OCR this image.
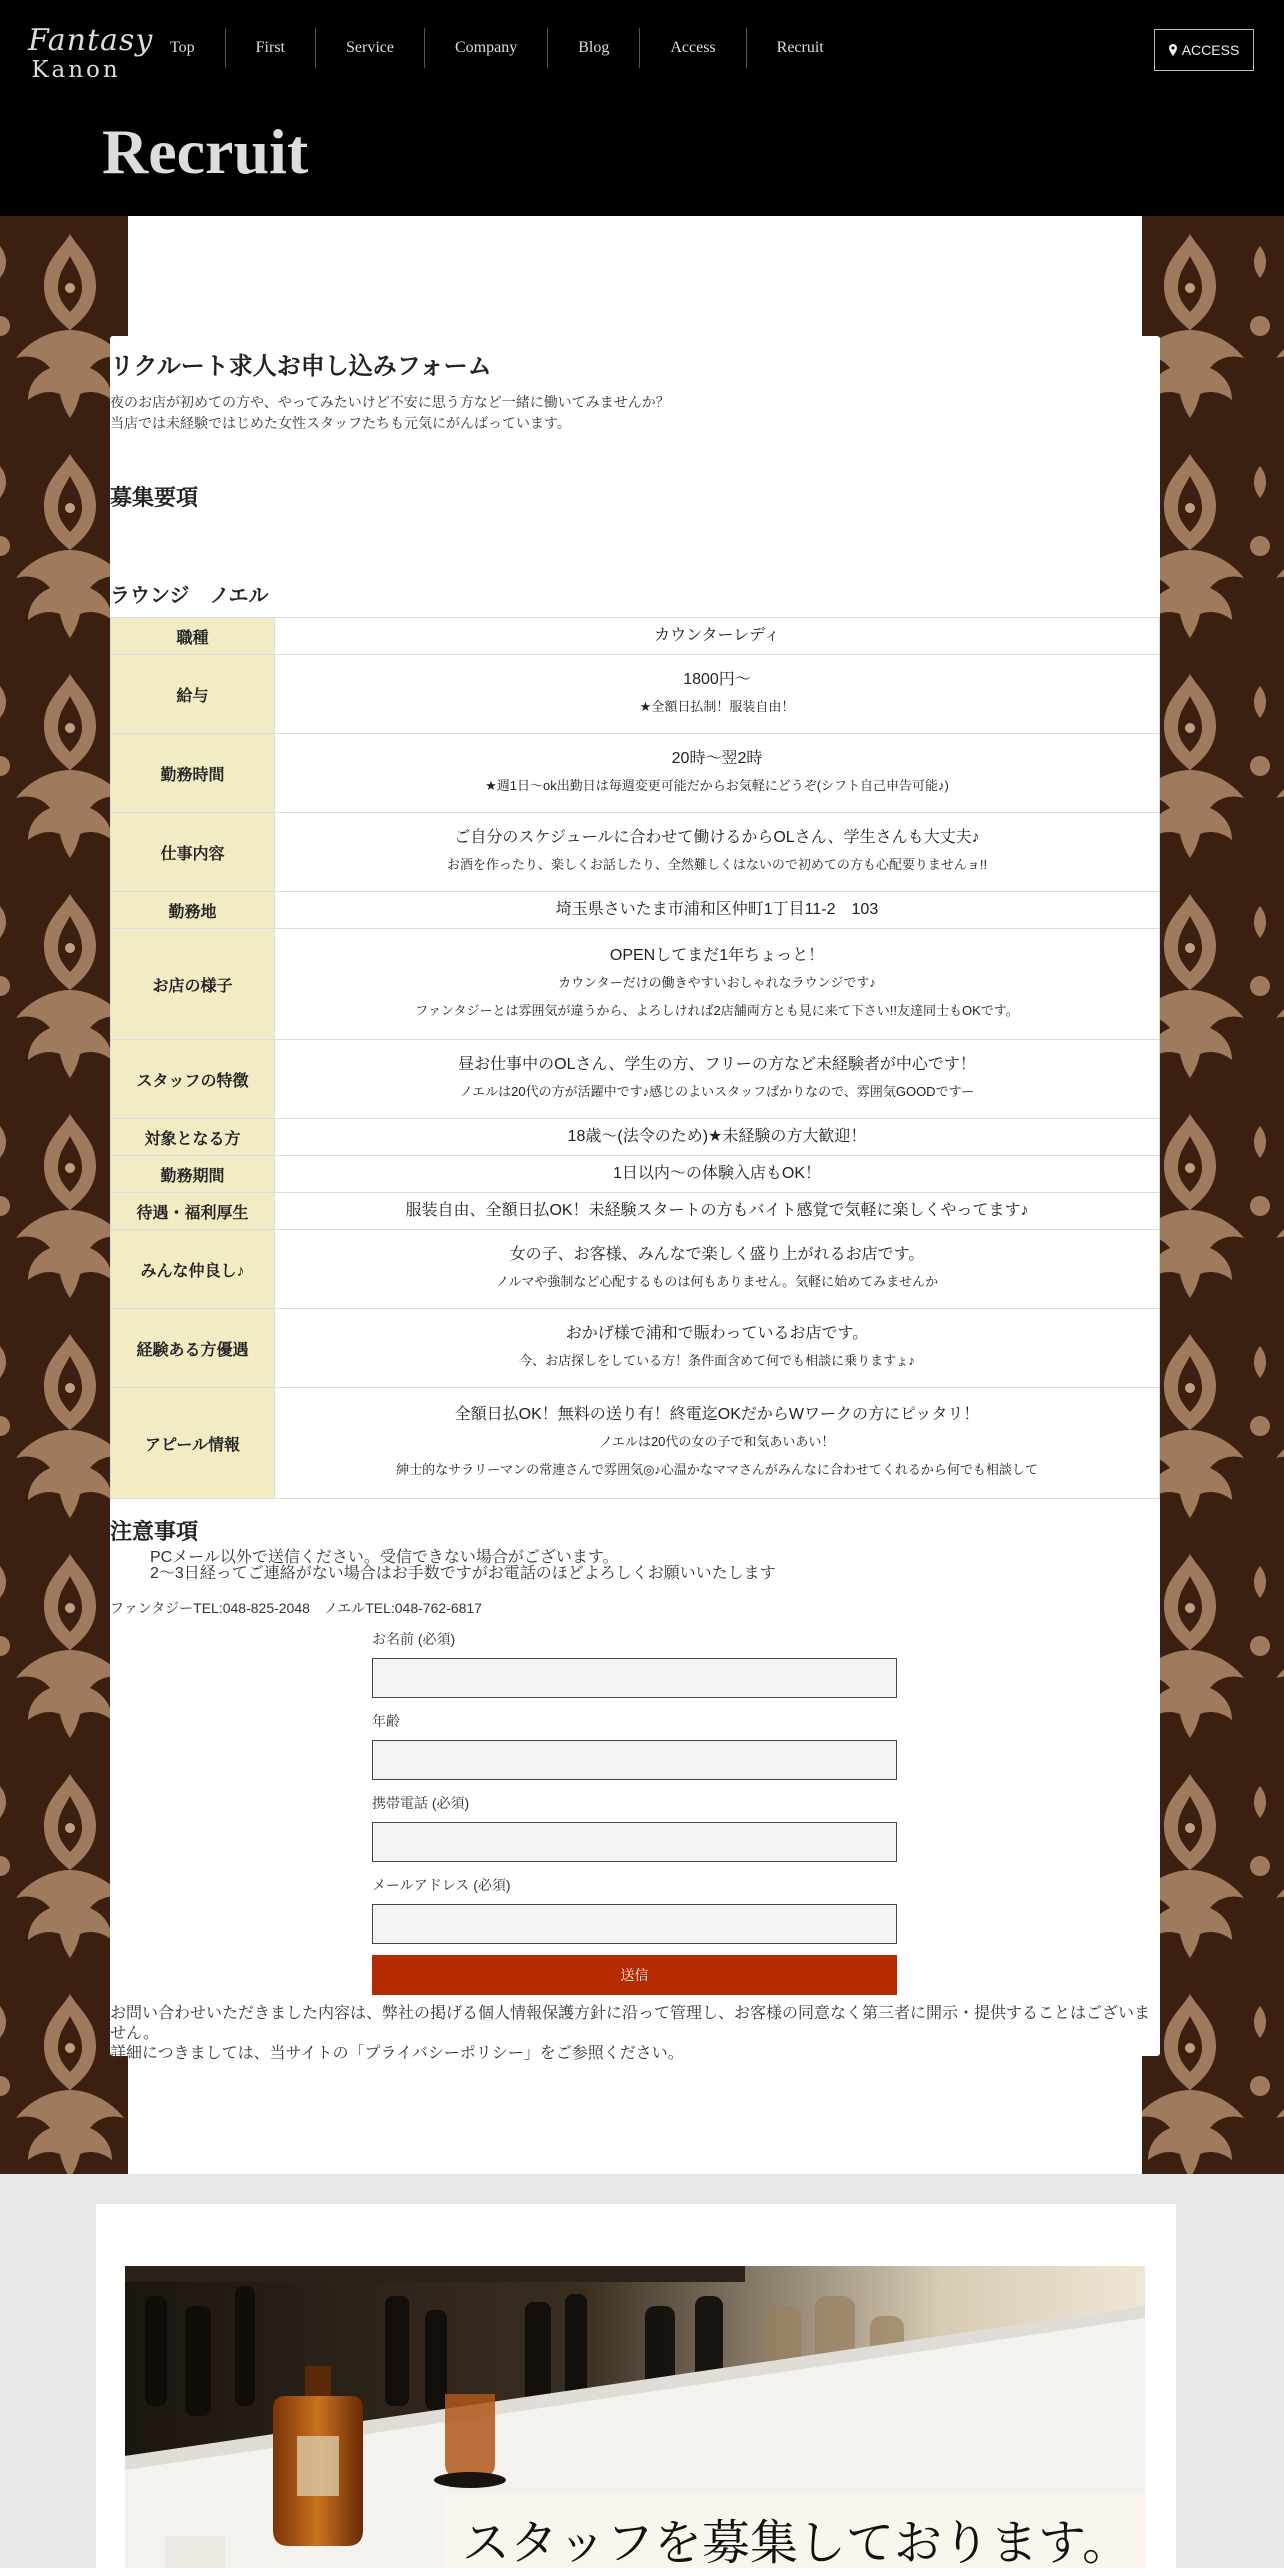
Fantasy
Kanon
Top	First	Service	Company	Blog	Access	Recruit	ACCESS
Recruit
リクルート求人お申し込みフォーム
夜のお店が初めての方や、やってみたいけど不安に思う方など一緒に働いてみませんか？
当店では未経験ではじめた女性スタッフたちも元気にがんばっています。
募集要項
ラウンジ　ノエル
職種	カウンターレディ

給与	1800円～
★全額日払制！服装自由！

勤務時間	20時～翌2時
★週1日～ok出勤日は毎週変更可能だからお気軽にどうぞ(シフト自己申告可能♪)

仕事内容	ご自分のスケジュールに合わせて働けるからOLさん、学生さんも大丈夫♪
お酒を作ったり、楽しくお話したり、全然難しくはないので初めての方も心配要りませんョ!!

勤務地	埼玉県さいたま市浦和区仲町1丁目11-2　103

お店の様子	OPENしてまだ1年ちょっと！
カウンターだけの働きやすいおしゃれなラウンジです♪
ファンタジーとは雰囲気が違うから、よろしければ2店舗両方とも見に来て下さい!!友達同士もOKです。

スタッフの特徴	昼お仕事中のOLさん、学生の方、フリーの方など未経験者が中心です！
ノエルは20代の方が活躍中です♪感じのよいスタッフばかりなので、雰囲気GOODですー

対象となる方	18歳～(法令のため)★未経験の方大歓迎！

勤務期間	1日以内～の体験入店もOK！

待遇・福利厚生	服装自由、全額日払OK！未経験スタートの方もバイト感覚で気軽に楽しくやってます♪

みんな仲良し♪	女の子、お客様、みんなで楽しく盛り上がれるお店です。
ノルマや強制など心配するものは何もありません。気軽に始めてみませんか

経験ある方優遇	おかげ様で浦和で賑わっているお店です。
今、お店探しをしている方！条件面含めて何でも相談に乗りますょ♪

アピール情報	全額日払OK！無料の送り有！終電迄OKだからWワークの方にピッタリ！
ノエルは20代の女の子で和気あいあい！
紳士的なサラリーマンの常連さんで雰囲気◎♪心温かなママさんがみんなに合わせてくれるから何でも相談して
注意事項
PCメール以外で送信ください。受信できない場合がございます。
2～3日経ってご連絡がない場合はお手数ですがお電話のほどよろしくお願いいたします
ファンタジーTEL:048-825-2048　ノエルTEL:048-762-6817
お名前 (必須)
年齢
携帯電話 (必須)
メールアドレス (必須)
送信
お問い合わせいただきました内容は、弊社の掲げる個人情報保護方針に沿って管理し、お客様の同意なく第三者に開示・提供することはございません。
詳細につきましては、当サイトの「プライバシーポリシー」をご参照ください。
スタッフを募集しております。
